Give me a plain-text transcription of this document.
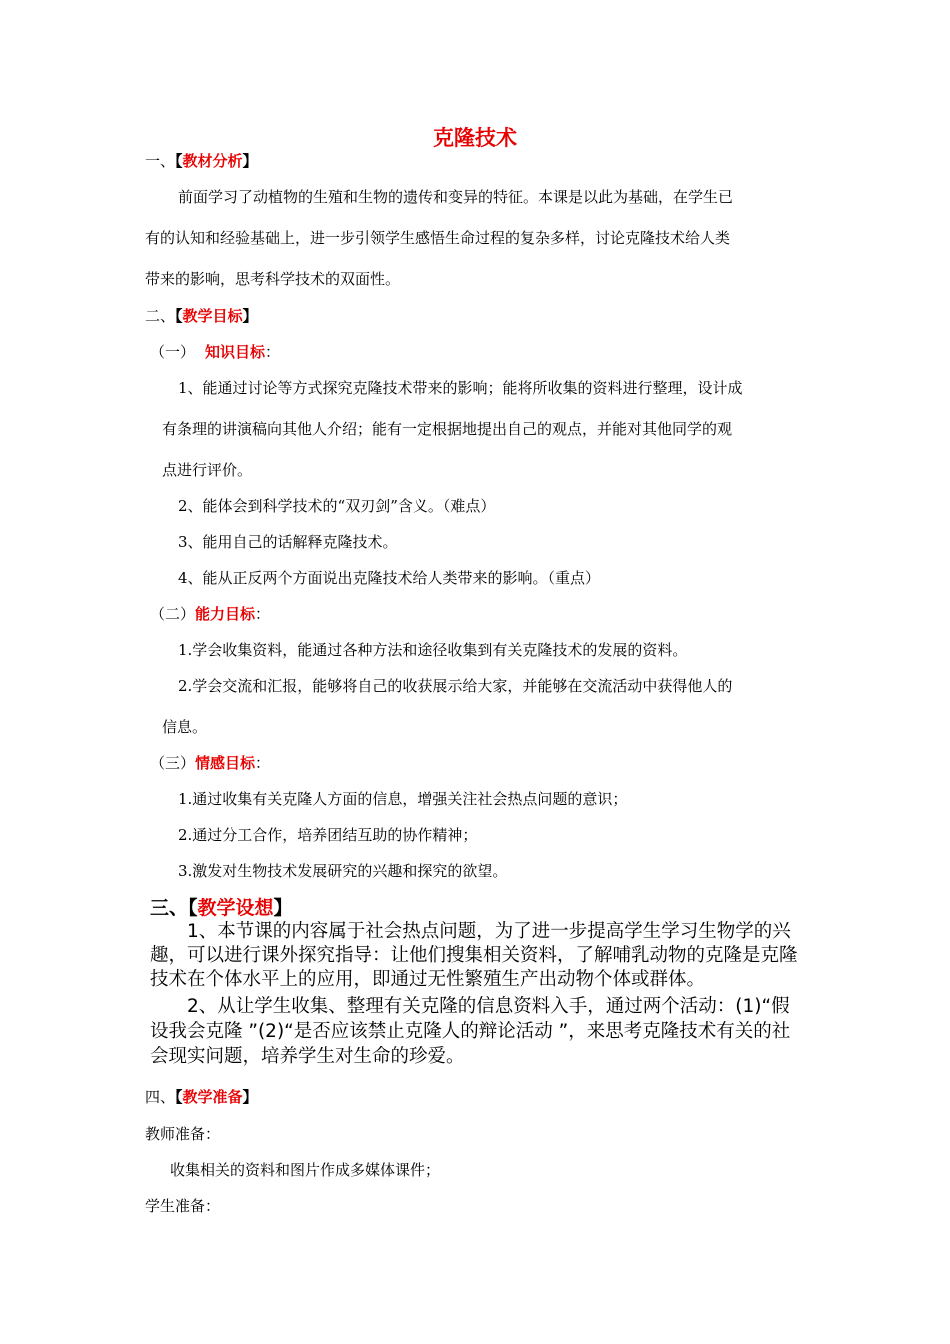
克隆技术
一、【教材分析】
前面学习了动植物的生殖和生物的遗传和变异的特征。本课是以此为基础，在学生已
有的认知和经验基础上，进一步引领学生感悟生命过程的复杂多样，讨论克隆技术给人类
带来的影响，思考科学技术的双面性。
二、【教学目标】
（一） 知识目标：
1、能通过讨论等方式探究克隆技术带来的影响；能将所收集的资料进行整理，设计成
有条理的讲演稿向其他人介绍；能有一定根据地提出自己的观点，并能对其他同学的观
点进行评价。
2、能体会到科学技术的“双刃剑”含义。（难点）
3、能用自己的话解释克隆技术。
4、能从正反两个方面说出克隆技术给人类带来的影响。（重点）
（二）能力目标：
1.学会收集资料，能通过各种方法和途径收集到有关克隆技术的发展的资料。
2.学会交流和汇报，能够将自己的收获展示给大家，并能够在交流活动中获得他人的
信息。
（三）情感目标：
1.通过收集有关克隆人方面的信息，增强关注社会热点问题的意识；
2.通过分工合作，培养团结互助的协作精神；
3.激发对生物技术发展研究的兴趣和探究的欲望。
三、【教学设想】
1、本节课的内容属于社会热点问题，为了进一步提高学生学习生物学的兴
趣，可以进行课外探究指导：让他们搜集相关资料，了解哺乳动物的克隆是克隆
技术在个体水平上的应用，即通过无性繁殖生产出动物个体或群体。
2、从让学生收集、整理有关克隆的信息资料入手，通过两个活动：(1)“假
设我会克隆 ”(2)“是否应该禁止克隆人的辩论活动 ”，来思考克隆技术有关的社
会现实问题，培养学生对生命的珍爱。
四、【教学准备】
教师准备：
收集相关的资料和图片作成多媒体课件；
学生准备：
